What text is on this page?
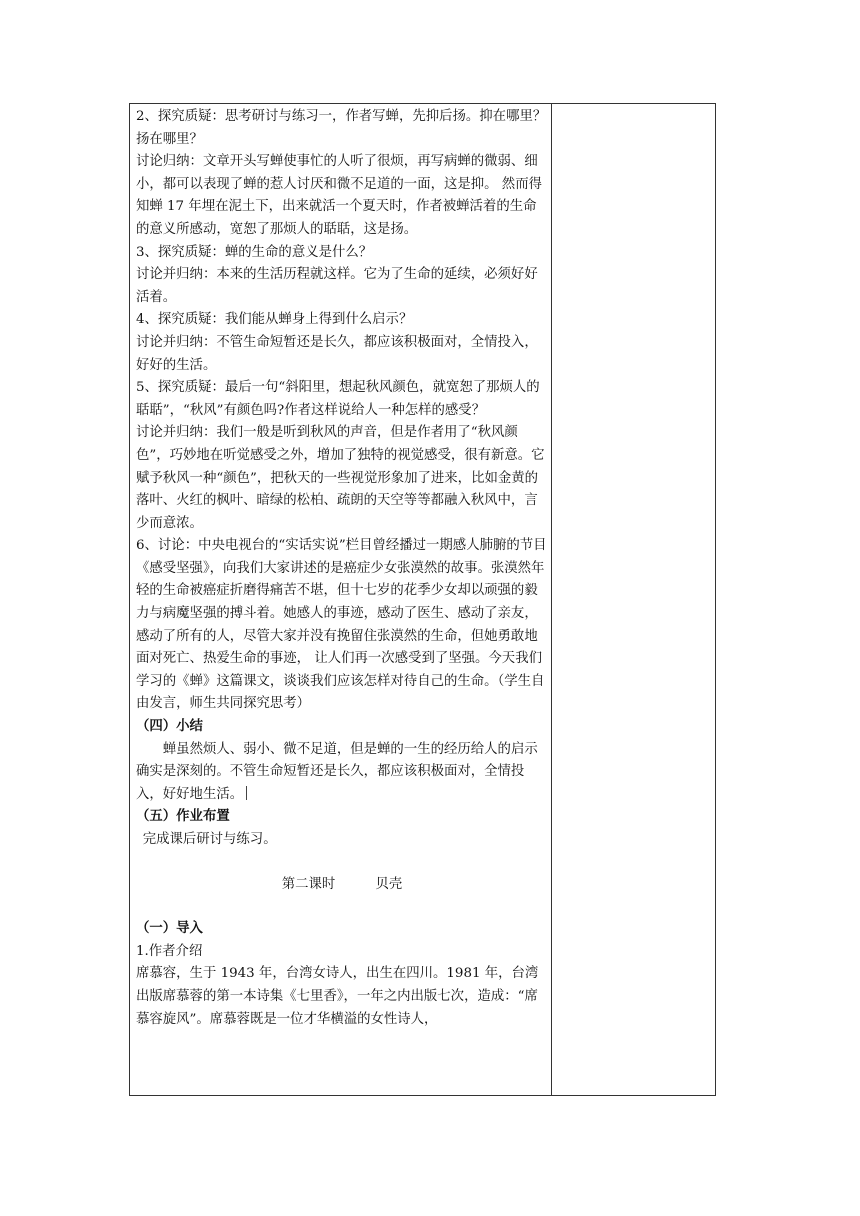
2、探究质疑：思考研讨与练习一，作者写蝉，先抑后扬。抑在哪里？ 扬在哪里？

讨论归纳：文章开头写蝉使事忙的人听了很烦，再写病蝉的微弱、细小，都可以表现了蝉的惹人讨厌和微不足道的一面，这是抑。 然而得知蝉 17 年埋在泥土下，出来就活一个夏天时，作者被蝉活着的生命的意义所感动，宽恕了那烦人的聒聒，这是扬。

3、探究质疑：蝉的生命的意义是什么？

讨论并归纳：本来的生活历程就这样。它为了生命的延续，必须好好活着。

4、探究质疑：我们能从蝉身上得到什么启示？

讨论并归纳：不管生命短暂还是长久，都应该积极面对，全情投入，好好的生活。

5、探究质疑：最后一句“斜阳里，想起秋风颜色，就宽恕了那烦人的聒聒”，“秋风”有颜色吗?作者这样说给人一种怎样的感受？

讨论并归纳：我们一般是听到秋风的声音，但是作者用了“秋风颜色”，巧妙地在听觉感受之外，增加了独特的视觉感受，很有新意。它赋予秋风一种“颜色”，把秋天的一些视觉形象加了进来，比如金黄的落叶、火红的枫叶、暗绿的松柏、疏朗的天空等等都融入秋风中，言少而意浓。

6、讨论：中央电视台的“实话实说”栏目曾经播过一期感人肺腑的节目《感受坚强》，向我们大家讲述的是癌症少女张漠然的故事。张漠然年轻的生命被癌症折磨得痛苦不堪，但十七岁的花季少女却以顽强的毅力与病魔坚强的搏斗着。她感人的事迹，感动了医生、感动了亲友，感动了所有的人，尽管大家并没有挽留住张漠然的生命，但她勇敢地面对死亡、热爱生命的事迹， 让人们再一次感受到了坚强。今天我们学习的《蝉》这篇课文，谈谈我们应该怎样对待自己的生命。（学生自由发言，师生共同探究思考）

（四）小结

蝉虽然烦人、弱小、微不足道，但是蝉的一生的经历给人的启示确实是深刻的。不管生命短暂还是长久，都应该积极面对，全情投入，好好地生活。

（五）作业布置

完成课后研讨与练习。

第二课时	贝壳

（一）导入

1.作者介绍

席慕容，生于 1943 年，台湾女诗人，出生在四川。1981 年，台湾出版席慕蓉的第一本诗集《七里香》，一年之内出版七次，造成：“席慕容旋风”。席慕蓉既是一位才华横溢的女性诗人，
